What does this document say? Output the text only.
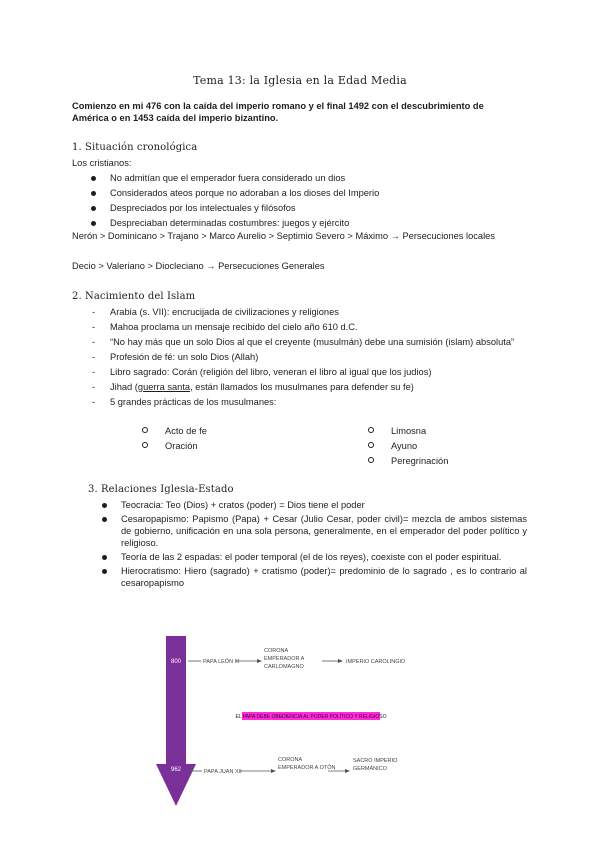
Tema 13: la Iglesia en la Edad Media
Comienzo en mi 476 con la caída del imperio romano y el final 1492 con el descubrimiento de América o en 1453 caída del imperio bizantino.
1. Situación cronológica
Los cristianos:
No admitían que el emperador fuera considerado un dios
Considerados ateos porque no adoraban a los dioses del Imperio
Despreciados por los intelectuales y filósofos
Despreciaban determinadas costumbres: juegos y ejército
Nerón > Dominicano > Trajano > Marco Aurelio > Septimio Severo > Máximo → Persecuciones locales
Decio > Valeriano > Diocleciano → Persecuciones Generales
2. Nacimiento del Islam
- Arabia (s. VII): encrucijada de civilizaciones y religiones
- Mahoa proclama un mensaje recibido del cielo año 610 d.C.
- “No hay más que un solo Dios al que el creyente (musulmán) debe una sumisión (islam) absoluta”
- Profesión de fé: un solo Dios (Allah)
- Libro sagrado: Corán (religión del libro, veneran el libro al igual que los judios)
- Jihad (guerra santa, están llamados los musulmanes para defender su fe)
- 5 grandes prácticas de los musulmanes:
Acto de fe
Oración
Limosna
Ayuno
Peregrinación
3. Relaciones Iglesia-Estado
Teocracia: Teo (Dios) + cratos (poder) = Dios tiene el poder
Cesaropapismo: Papismo (Papa) + Cesar (Julio Cesar, poder civil)= mezcla de ambos sistemas de gobierno, unificación en una sola persona, generalmente, en el emperador del poder político y religioso.
Teoría de las 2 espadas: el poder temporal (el de los reyes), coexiste con el poder espiritual.
Hierocratismo: Hiero (sagrado) + cratismo (poder)= predominio de lo sagrado , es lo contrario al cesaropapismo
800
962
PAPA LEÓN III
CORONA EMPERADOR A CARLOMAGNO
IMPERIO CAROLINGIO
EL PAPA DEBE OBEDIENCIA AL PODER POLÍTICO Y RELIGIOSO
PAPA JUAN XII
CORONA EMPERADOR A OTÓN
SACRO IMPERIO GERMÁNICO
